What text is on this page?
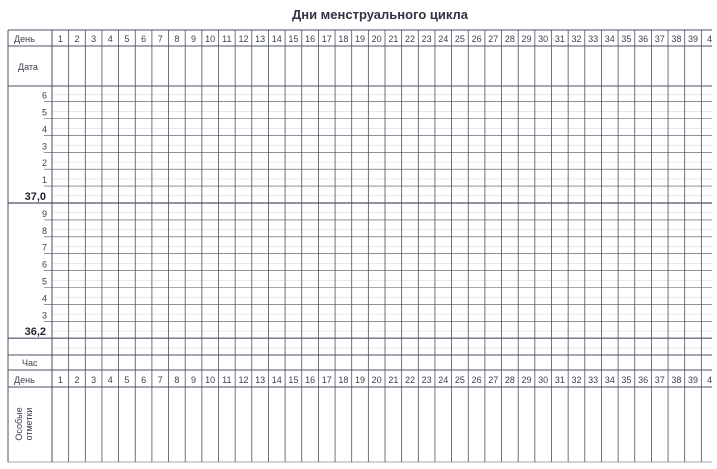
Дни менструального цикла
День
Дата
Час
День
Особые отметки
1 2 3 4 5 6 7 8 9 10 11 12 13 14 15 16 17 18 19 20 21 22 23 24 25 26 27 28 29 30 31 32 33 34 35 36 37 38 39 4
1 2 3 4 5 6 7 8 9 10 11 12 13 14 15 16 17 18 19 20 21 22 23 24 25 26 27 28 29 30 31 32 33 34 35 36 37 38 39 4
6
5
4
3
2
1
37,0
9
8
7
6
5
4
3
36,2
